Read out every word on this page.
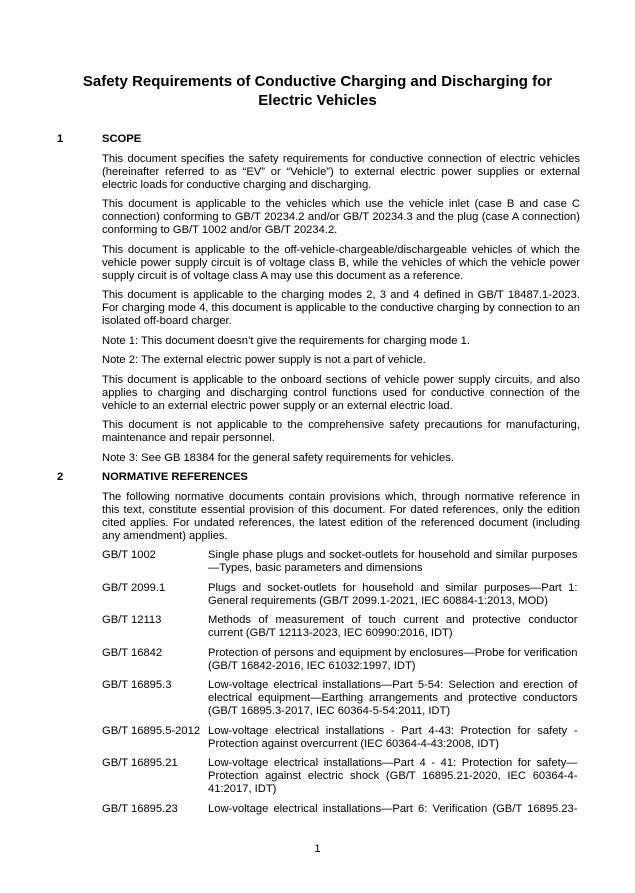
Safety Requirements of Conductive Charging and Discharging for Electric Vehicles
1	SCOPE

This document specifies the safety requirements for conductive connection of electric vehicles (hereinafter referred to as “EV” or “Vehicle”) to external electric power supplies or external electric loads for conductive charging and discharging.

This document is applicable to the vehicles which use the vehicle inlet (case B and case C connection) conforming to GB/T 20234.2 and/or GB/T 20234.3 and the plug (case A connection) conforming to GB/T 1002 and/or GB/T 20234.2.

This document is applicable to the off-vehicle-chargeable/dischargeable vehicles of which the vehicle power supply circuit is of voltage class B, while the vehicles of which the vehicle power supply circuit is of voltage class A may use this document as a reference.

This document is applicable to the charging modes 2, 3 and 4 defined in GB/T 18487.1-2023. For charging mode 4, this document is applicable to the conductive charging by connection to an isolated off-board charger.

Note 1: This document doesn’t give the requirements for charging mode 1.

Note 2: The external electric power supply is not a part of vehicle.

This document is applicable to the onboard sections of vehicle power supply circuits, and also applies to charging and discharging control functions used for conductive connection of the vehicle to an external electric power supply or an external electric load.

This document is not applicable to the comprehensive safety precautions for manufacturing, maintenance and repair personnel.

Note 3: See GB 18384 for the general safety requirements for vehicles.

2	NORMATIVE REFERENCES

The following normative documents contain provisions which, through normative reference in this text, constitute essential provision of this document. For dated references, only the edition cited applies. For undated references, the latest edition of the referenced document (including any amendment) applies.

GB/T 1002	Single phase plugs and socket-outlets for household and similar purposes—Types, basic parameters and dimensions
GB/T 2099.1	Plugs and socket-outlets for household and similar purposes—Part 1: General requirements (GB/T 2099.1-2021, IEC 60884-1:2013, MOD)
GB/T 12113	Methods of measurement of touch current and protective conductor current (GB/T 12113-2023, IEC 60990:2016, IDT)
GB/T 16842	Protection of persons and equipment by enclosures—Probe for verification (GB/T 16842-2016, IEC 61032:1997, IDT)
GB/T 16895.3	Low-voltage electrical installations—Part 5-54: Selection and erection of electrical equipment—Earthing arrangements and protective conductors (GB/T 16895.3-2017, IEC 60364-5-54:2011, IDT)
GB/T 16895.5-2012 Low-voltage electrical installations - Part 4-43: Protection for safety - Protection against overcurrent (IEC 60364-4-43:2008, IDT)
GB/T 16895.21	Low-voltage electrical installations—Part 4 - 41: Protection for safety—Protection against electric shock (GB/T 16895.21-2020, IEC 60364-4-41:2017, IDT)
GB/T 16895.23	Low-voltage electrical installations—Part 6: Verification (GB/T 16895.23-
1
